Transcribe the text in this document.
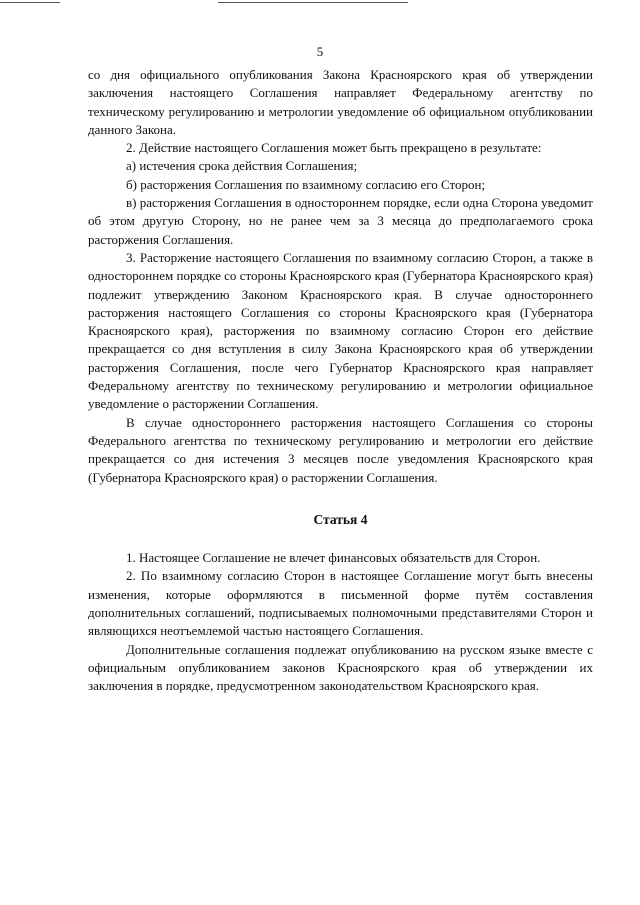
5

со дня официального опубликования Закона Красноярского края об утверждении заключения настоящего Соглашения направляет Федеральному агентству по техническому регулированию и метрологии уведомление об официальном опубликовании данного Закона.

2. Действие настоящего Соглашения может быть прекращено в результате:

а) истечения срока действия Соглашения;

б) расторжения Соглашения по взаимному согласию его Сторон;

в) расторжения Соглашения в одностороннем порядке, если одна Сторона уведомит об этом другую Сторону, но не ранее чем за 3 месяца до предполагаемого срока расторжения Соглашения.

3. Расторжение настоящего Соглашения по взаимному согласию Сторон, а также в одностороннем порядке со стороны Красноярского края (Губернатора Красноярского края) подлежит утверждению Законом Красноярского края. В случае одностороннего расторжения настоящего Соглашения со стороны Красноярского края (Губернатора Красноярского края), расторжения по взаимному согласию Сторон его действие прекращается со дня вступления в силу Закона Красноярского края об утверждении расторжения Соглашения, после чего Губернатор Красноярского края направляет Федеральному агентству по техническому регулированию и метрологии официальное уведомление о расторжении Соглашения.

В случае одностороннего расторжения настоящего Соглашения со стороны Федерального агентства по техническому регулированию и метрологии его действие прекращается со дня истечения 3 месяцев после уведомления Красноярского края (Губернатора Красноярского края) о расторжении Соглашения.

Статья 4

1. Настоящее Соглашение не влечет финансовых обязательств для Сторон.

2. По взаимному согласию Сторон в настоящее Соглашение могут быть внесены изменения, которые оформляются в письменной форме путём составления дополнительных соглашений, подписываемых полномочными представителями Сторон и являющихся неотъемлемой частью настоящего Соглашения.

Дополнительные соглашения подлежат опубликованию на русском языке вместе с официальным опубликованием законов Красноярского края об утверждении их заключения в порядке, предусмотренном законодательством Красноярского края.
